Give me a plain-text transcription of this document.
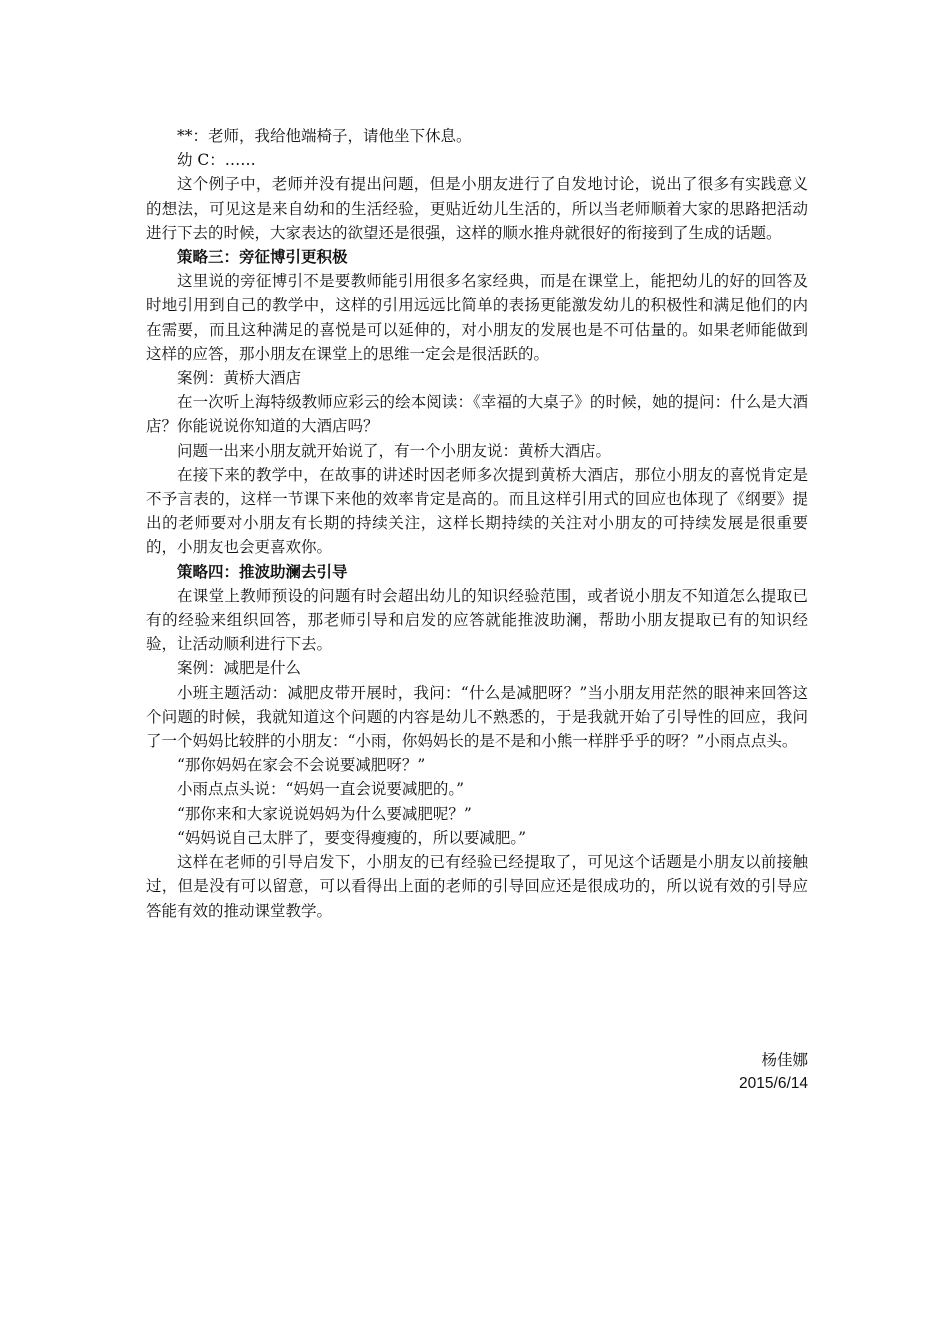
**：老师，我给他端椅子，请他坐下休息。

幼 C：……

这个例子中，老师并没有提出问题，但是小朋友进行了自发地讨论，说出了很多有实践意义的想法，可见这是来自幼和的生活经验，更贴近幼儿生活的，所以当老师顺着大家的思路把活动进行下去的时候，大家表达的欲望还是很强，这样的顺水推舟就很好的衔接到了生成的话题。

策略三：旁征博引更积极

这里说的旁征博引不是要教师能引用很多名家经典，而是在课堂上，能把幼儿的好的回答及时地引用到自己的教学中，这样的引用远远比简单的表扬更能激发幼儿的积极性和满足他们的内在需要，而且这种满足的喜悦是可以延伸的，对小朋友的发展也是不可估量的。如果老师能做到这样的应答，那小朋友在课堂上的思维一定会是很活跃的。

案例：黄桥大酒店

在一次听上海特级教师应彩云的绘本阅读：《幸福的大桌子》的时候，她的提问：什么是大酒店？你能说说你知道的大酒店吗？

问题一出来小朋友就开始说了，有一个小朋友说：黄桥大酒店。

在接下来的教学中，在故事的讲述时因老师多次提到黄桥大酒店，那位小朋友的喜悦肯定是不予言表的，这样一节课下来他的效率肯定是高的。而且这样引用式的回应也体现了《纲要》提出的老师要对小朋友有长期的持续关注，这样长期持续的关注对小朋友的可持续发展是很重要的，小朋友也会更喜欢你。

策略四：推波助澜去引导

在课堂上教师预设的问题有时会超出幼儿的知识经验范围，或者说小朋友不知道怎么提取已有的经验来组织回答，那老师引导和启发的应答就能推波助澜，帮助小朋友提取已有的知识经验，让活动顺利进行下去。

案例：减肥是什么

小班主题活动：减肥皮带开展时，我问：“什么是减肥呀？”当小朋友用茫然的眼神来回答这个问题的时候，我就知道这个问题的内容是幼儿不熟悉的，于是我就开始了引导性的回应，我问了一个妈妈比较胖的小朋友：“小雨，你妈妈长的是不是和小熊一样胖乎乎的呀？”小雨点点头。

“那你妈妈在家会不会说要减肥呀？”

小雨点点头说：“妈妈一直会说要减肥的。”

“那你来和大家说说妈妈为什么要减肥呢？”

“妈妈说自己太胖了，要变得瘦瘦的，所以要减肥。”

这样在老师的引导启发下，小朋友的已有经验已经提取了，可见这个话题是小朋友以前接触过，但是没有可以留意，可以看得出上面的老师的引导回应还是很成功的，所以说有效的引导应答能有效的推动课堂教学。

杨佳娜
2015/6/14
